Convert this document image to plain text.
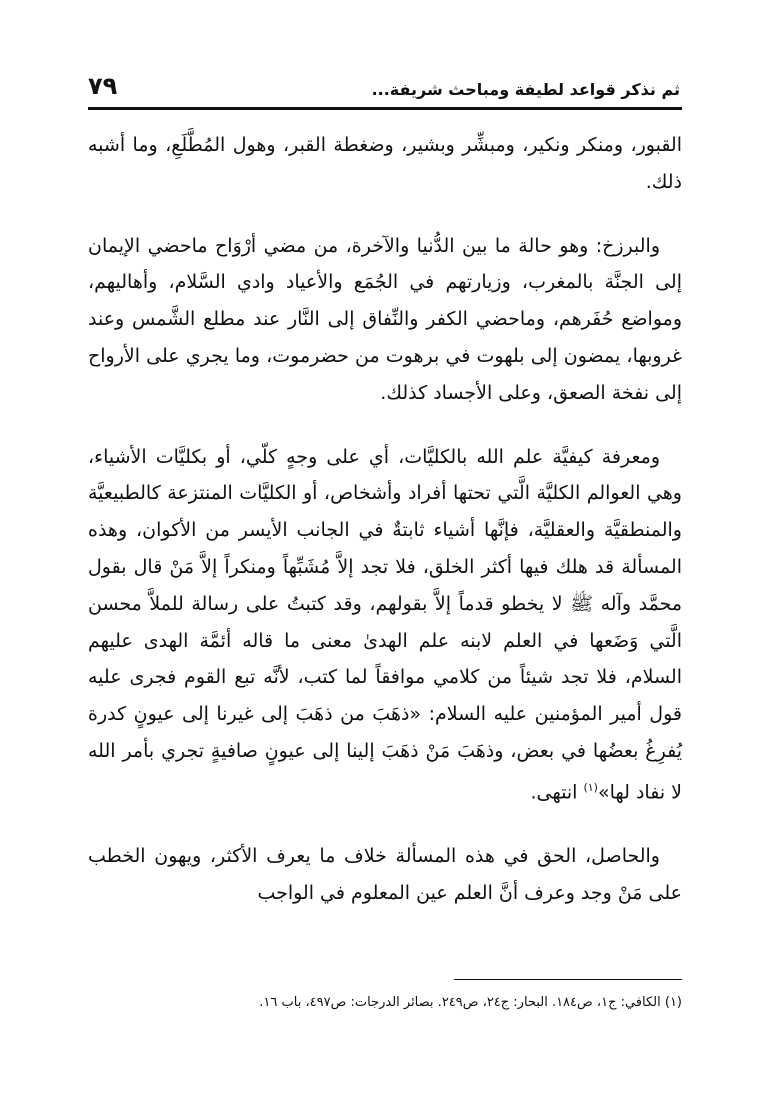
٧٩	ثم نذكر قواعد لطيفة ومباحث شريفة...

القبور، ومنكر ونكير، ومبشِّر وبشير، وضغطة القبر، وهول المُطَّلَعِ، وما أشبه ذلك.

والبرزخ: وهو حالة ما بين الدُّنيا والآخرة، من مضي أرْوَاح ماحضي الإيمان إلى الجنَّة بالمغرب، وزيارتهم في الجُمَع والأعياد وادي السَّلام، وأهاليهم، ومواضع حُفَرهم، وماحضي الكفر والنِّفاق إلى النَّار عند مطلع الشَّمس وعند غروبها، يمضون إلى بلهوت في برهوت من حضرموت، وما يجري على الأرواح إلى نفخة الصعق، وعلى الأجساد كذلك.

ومعرفة كيفيَّة علم الله بالكليَّات، أي على وجهٍ كلّي، أو بكليَّات الأشياء، وهي العوالم الكليَّة الَّتي تحتها أفراد وأشخاص، أو الكليَّات المنتزعة كالطبيعيَّة والمنطقيَّة والعقليَّة، فإنَّها أشياء ثابتةٌ في الجانب الأيسر من الأكوان، وهذه المسألة قد هلك فيها أكثر الخلق، فلا تجد إلاَّ مُشَبِّهاً ومنكراً إلاَّ مَنْ قال بقول محمَّد وآله ﷺ لا يخطو قدماً إلاَّ بقولهم، وقد كتبتُ على رسالة للملاَّ محسن الَّتي وَضَعها في العلم لابنه علم الهدىٰ معنى ما قاله أئمَّة الهدى عليهم السلام، فلا تجد شيئاً من كلامي موافقاً لما كتب، لأنَّه تبع القوم فجرى عليه قول أمير المؤمنين عليه السلام: «ذهَبَ من ذهَبَ إلى غيرنا إلى عيونٍ كدرة يُفرِغُ بعضُها في بعض، وذهَبَ مَنْ ذهَبَ إلينا إلى عيونٍ صافيةٍ تجري بأمر الله لا نفاد لها»$^{(١)}$ انتهى.

والحاصل، الحق في هذه المسألة خلاف ما يعرف الأكثر، ويهون الخطب على مَنْ وجد وعرف أنَّ العلم عين المعلوم في الواجب

(١) الكافي: ج١، ص١٨٤. البحار: ج٢٤، ص٢٤٩. بصائر الدرجات: ص٤٩٧، باب ١٦.
